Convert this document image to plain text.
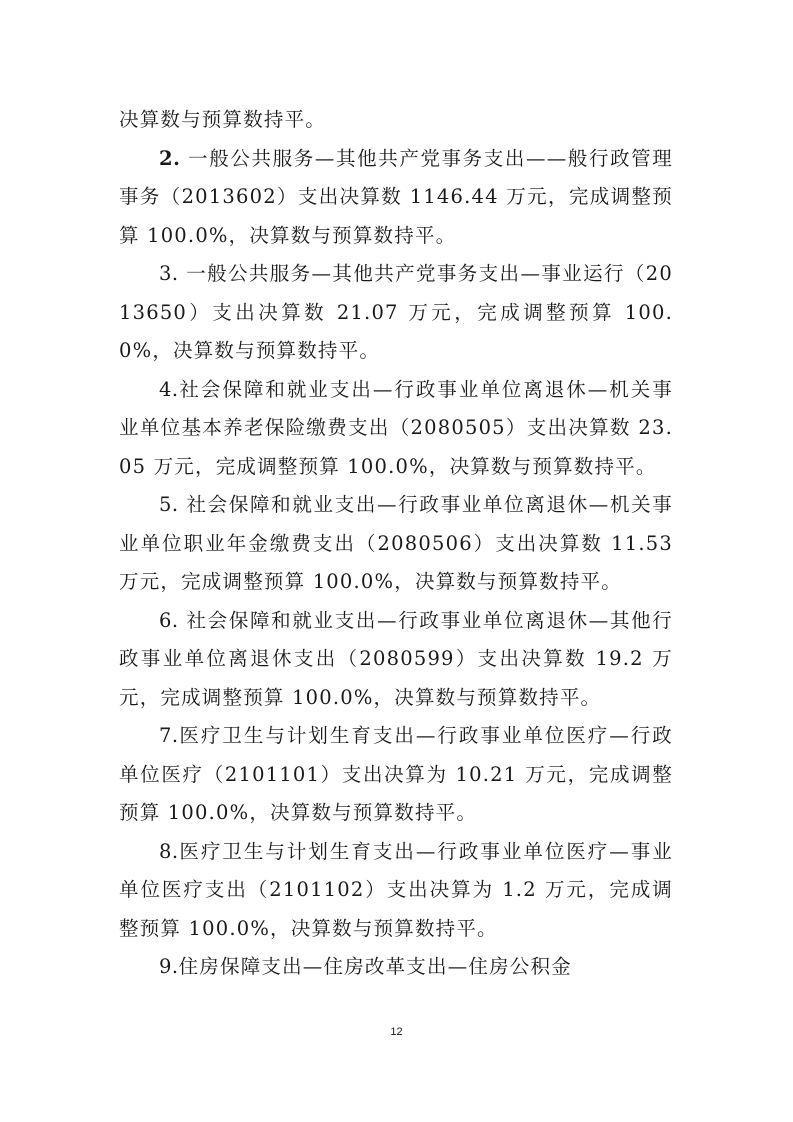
决算数与预算数持平。

2. 一般公共服务—其他共产党事务支出——般行政管理事务（2013602）支出决算数 1146.44 万元，完成调整预算 100.0%，决算数与预算数持平。

3. 一般公共服务—其他共产党事务支出—事业运行（2013650）支出决算数 21.07 万元，完成调整预算 100.0%，决算数与预算数持平。

4.社会保障和就业支出—行政事业单位离退休—机关事业单位基本养老保险缴费支出（2080505）支出决算数 23.05 万元，完成调整预算 100.0%，决算数与预算数持平。

5. 社会保障和就业支出—行政事业单位离退休—机关事业单位职业年金缴费支出（2080506）支出决算数 11.53 万元，完成调整预算 100.0%，决算数与预算数持平。

6. 社会保障和就业支出—行政事业单位离退休—其他行政事业单位离退休支出（2080599）支出决算数 19.2 万元，完成调整预算 100.0%，决算数与预算数持平。

7.医疗卫生与计划生育支出—行政事业单位医疗—行政单位医疗（2101101）支出决算为 10.21 万元，完成调整预算 100.0%，决算数与预算数持平。

8.医疗卫生与计划生育支出—行政事业单位医疗—事业单位医疗支出（2101102）支出决算为 1.2 万元，完成调整预算 100.0%，决算数与预算数持平。

9.住房保障支出—住房改革支出—住房公积金

12
